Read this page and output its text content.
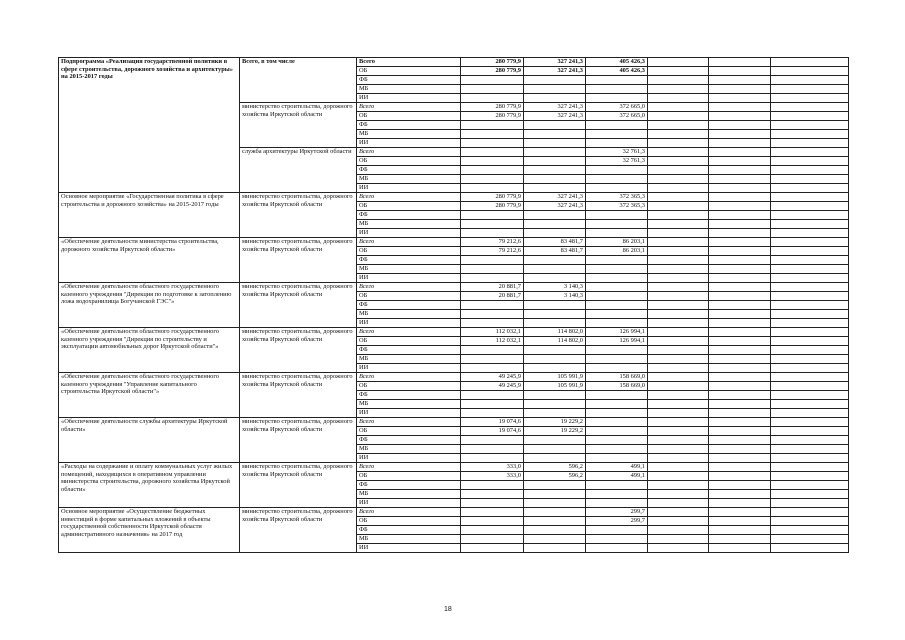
Подпрограмма «Реализация государственной политики в сфере строительства, дорожного хозяйства и архитектуры» на 2015-2017 годы	Всего, в том числе	Всего	280 779,9	327 241,3	405 426,3			
		ОБ	280 779,9	327 241,3	405 426,3			
		ФБ						
		МБ						
		ИИ						
	министерство строительства, дорожного хозяйства Иркутской области	Всего	280 779,9	327 241,3	372 665,0			
		ОБ	280 779,9	327 241,3	372 665,0			
		ФБ						
		МБ						
		ИИ						
	служба архитектуры Иркутской области	Всего			32 761,3			
		ОБ			32 761,3			
		ФБ						
		МБ						
		ИИ						
Основное мероприятие «Государственная политика в сфере строительства и дорожного хозяйства» на 2015-2017 годы	министерство строительства, дорожного хозяйства Иркутской области	Всего	280 779,9	327 241,3	372 365,3			
		ОБ	280 779,9	327 241,3	372 365,3			
		ФБ						
		МБ						
		ИИ						
«Обеспечение деятельности министерства строительства, дорожного хозяйства Иркутской области»	министерство строительства, дорожного хозяйства Иркутской области	Всего	79 212,6	83 481,7	86 203,1			
		ОБ	79 212,6	83 481,7	86 203,1			
		ФБ						
		МБ						
		ИИ						
«Обеспечение деятельности областного государственного казенного учреждения "Дирекция по подготовке к затоплению ложа водохранилища Богучанской ГЭС"»	министерство строительства, дорожного хозяйства Иркутской области	Всего	20 881,7	3 140,3				
		ОБ	20 881,7	3 140,3				
		ФБ						
		МБ						
		ИИ						
«Обеспечение деятельности областного государственного казенного учреждения "Дирекция по строительству и эксплуатации автомобильных дорог Иркутской области"»	министерство строительства, дорожного хозяйства Иркутской области	Всего	112 032,1	114 802,0	126 994,1			
		ОБ	112 032,1	114 802,0	126 994,1			
		ФБ						
		МБ						
		ИИ						
«Обеспечение деятельности областного государственного казенного учреждения "Управление капитального строительства Иркутской области"»	министерство строительства, дорожного хозяйства Иркутской области	Всего	49 245,9	105 991,9	158 669,0			
		ОБ	49 245,9	105 991,9	158 669,0			
		ФБ						
		МБ						
		ИИ						
«Обеспечение деятельности службы архитектуры Иркутской области»	министерство строительства, дорожного хозяйства Иркутской области	Всего	19 074,6	19 229,2				
		ОБ	19 074,6	19 229,2				
		ФБ						
		МБ						
		ИИ						
«Расходы на содержание и оплату коммунальных услуг жилых помещений, находящихся в оперативном управлении министерства строительства, дорожного хозяйства Иркутской области»	министерство строительства, дорожного хозяйства Иркутской области	Всего	333,0	596,2	499,1			
		ОБ	333,0	596,2	499,1			
		ФБ						
		МБ						
		ИИ						
Основное мероприятие «Осуществление бюджетных инвестиций в форме капитальных вложений в объекты государственной собственности Иркутской области административного назначения» на 2017 год	министерство строительства, дорожного хозяйства Иркутской области	Всего			299,7			
		ОБ			299,7			
		ФБ						
		МБ						
		ИИ						
18
